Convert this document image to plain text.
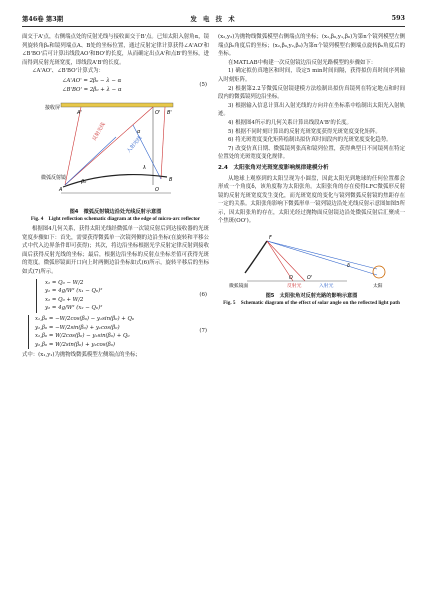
第46卷 第3期	发 电 技 术	593

面交于A'点，右侧端点处的反射光线与接收面交于B'点。已知太阳入射角α，镜列旋转角β₀和镜列端点A、B处的坐标位置，通过反射定律计算获得∠A'AO'和∠B'BO'后可计算出线段AO'和BO'的长度，从而确定出点A'和点B'的坐标，进而得到反射光斑宽度，即线段A'B'的长度。

∠A'AO'、∠B'BO'计算式为：

∠A'AO' = 2β₀ − λ − α
∠B'BO' = 2β₀ + λ − α
(5)
接收屏
反射光线
入射光线
微弧反射镜
A'	B'
A
B
O'
O
λ
β₀
α
图4　微弧反射镜边沿处光线反射示意图
Fig. 4　Light reflection schematic diagram at the edge of micro-arc reflector

根据图4几何关系，获得太阳光线经微弧单一次镜反射后到达接收器的光斑宽度步骤如下：首先，需要获得微弧单一次镜列侧的边沿坐标(在旋转和平移公式中代入边界条件即可获得)；其次，将边沿坐标根据光学反射定律反射到接收面后获得反射光线的坐标；最后，根据边沿坐标的反射点坐标差值可获得光斑的宽度。微弧形镜面开口向上时两侧边沿坐标如式(6)所示，旋转平移后的坐标如式(7)所示。

x₁ = Q₀ − W/2
y₁ = 4g/W² (x₁ − Q₀)²
x₂ = Q₀ + W/2
y₂ = 4g/W² (x₂ − Q₀)²
(6)
x₁,β₀ = −W/2cos(β₀) − y₁sin(β₀) + Q₀
y₁,β₀ = −W/2sin(β₀) + y₁cos(β₀)
x₂,β₀ = W/2cos(β₀) − y₂sin(β₀) + Q₀
y₂,β₀ = W/2sin(β₀) + y₂cos(β₀)
(7)

式中：(x₁,y₁)为抛物线微弧模型左侧端点的坐标；

(x₂,y₂)为抛物线微弧模型右侧端点的坐标；(x₁,β₀,y₁,β₀)为第n个镜列模型左侧端点β₀角度后的坐标；(x₂,β₀,y₂,β₀)为第n个镜列模型右侧端点旋转β₀角度后的坐标。

在MATLAB中构建一次反射镜边沿反射光路模型的步骤如下：

1) 确定拟仿真地区和时间，设定5 min时间间隔，获得拟仿真时间序列输入时刻矩阵。

2) 根据第2.2节微弧反射镜建模方法绘制出拟仿真镜列在特定地点和时间段内的微弧镜列边沿坐标。

3) 根据输入信息计算出入射光线的方向并在坐标系中绘制出太阳光入射轨迹。

4) 根据图4所示的几何关系计算出线段A'B'的长度。

5) 根据不同时刻计算出的反射光斑宽度获得光斑宽度变化矩阵。

6) 将光斑宽度变化矩阵绘制出拟仿真时间段内的光斑宽度变化趋势。

7) 改变仿真日期、微弧镜列张高和镜列位置，获得典型日不同镜列在特定位置处的光斑宽度变化规律。

2.4　太阳张角对光斑宽度影响规律建模分析

从地球上观察到的太阳呈现为小圆盘，因此太阳光到地球的任何位置都会形成一个角度δ，该角度称为太阳张角。太阳张角的存在使得LFC微弧形反射镜的反射光斑宽度发生变化，而光斑宽度的变化与镜列微弧反射镜的焦距存在一定的关系。太阳张角影响下微弧形单一镜列镜边沿处光线反射示意图如图5所示，因太阳张角的存在，太阳光经过抛物面反射镜边沿处微弧反射后汇聚成一个焦斑(OO')。

微弧镜面	反射光	入射光	太阳
F
δ
O	O'
图5　太阳张角对反射光路的影响示意图
Fig. 5　Schematic diagram of the effect of solar angle on the reflected light path
